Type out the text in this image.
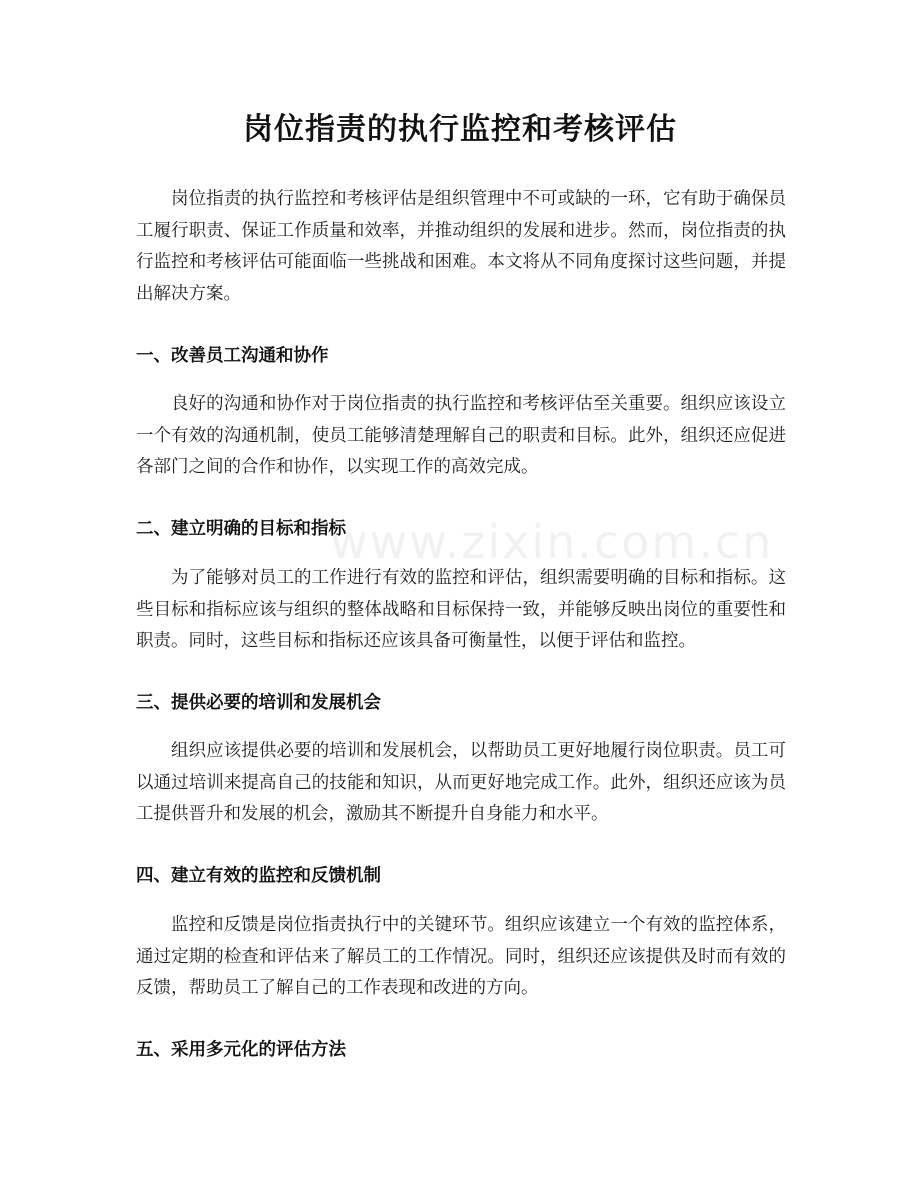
www.zixin.com.cn
岗位指责的执行监控和考核评估

岗位指责的执行监控和考核评估是组织管理中不可或缺的一环，它有助于确保员工履行职责、保证工作质量和效率，并推动组织的发展和进步。然而，岗位指责的执行监控和考核评估可能面临一些挑战和困难。本文将从不同角度探讨这些问题，并提出解决方案。

一、改善员工沟通和协作

良好的沟通和协作对于岗位指责的执行监控和考核评估至关重要。组织应该设立一个有效的沟通机制，使员工能够清楚理解自己的职责和目标。此外，组织还应促进各部门之间的合作和协作，以实现工作的高效完成。

二、建立明确的目标和指标

为了能够对员工的工作进行有效的监控和评估，组织需要明确的目标和指标。这些目标和指标应该与组织的整体战略和目标保持一致，并能够反映出岗位的重要性和职责。同时，这些目标和指标还应该具备可衡量性，以便于评估和监控。

三、提供必要的培训和发展机会

组织应该提供必要的培训和发展机会，以帮助员工更好地履行岗位职责。员工可以通过培训来提高自己的技能和知识，从而更好地完成工作。此外，组织还应该为员工提供晋升和发展的机会，激励其不断提升自身能力和水平。

四、建立有效的监控和反馈机制

监控和反馈是岗位指责执行中的关键环节。组织应该建立一个有效的监控体系，通过定期的检查和评估来了解员工的工作情况。同时，组织还应该提供及时而有效的反馈，帮助员工了解自己的工作表现和改进的方向。

五、采用多元化的评估方法
